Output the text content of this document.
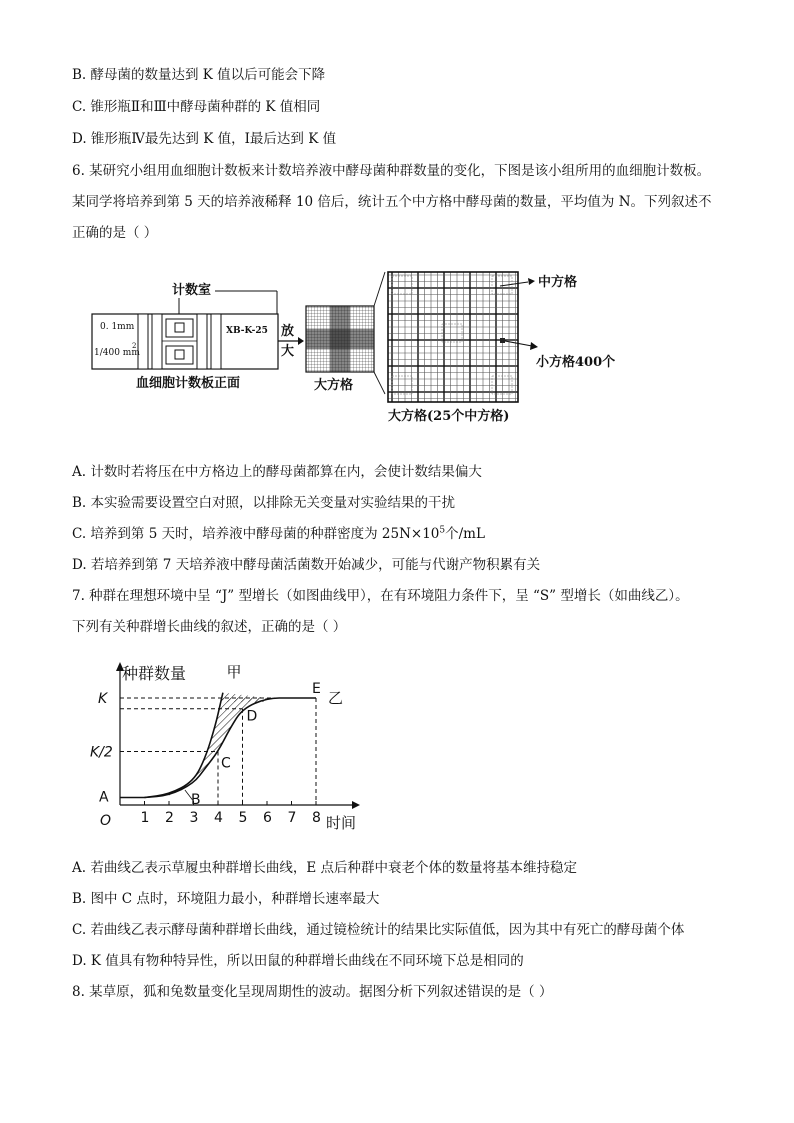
B. 酵母菌的数量达到 K 值以后可能会下降
C. 锥形瓶Ⅱ和Ⅲ中酵母菌种群的 K 值相同
D. 锥形瓶Ⅳ最先达到 K 值，Ⅰ最后达到 K 值
6. 某研究小组用血细胞计数板来计数培养液中酵母菌种群数量的变化，下图是该小组所用的血细胞计数板。
某同学将培养到第 5 天的培养液稀释 10 倍后，统计五个中方格中酵母菌的数量，平均值为 N。下列叙述不
正确的是（ ）
计数室
0. 1mm
1/400 mm
2
XB-K-25
血细胞计数板正面
放
大
大方格
中方格
小方格400个
大方格(25个中方格)
A. 计数时若将压在中方格边上的酵母菌都算在内，会使计数结果偏大
B. 本实验需要设置空白对照，以排除无关变量对实验结果的干扰
C. 培养到第 5 天时，培养液中酵母菌的种群密度为 $25N\times 10^5$个/mL
D. 若培养到第 7 天培养液中酵母菌活菌数开始减少，可能与代谢产物积累有关
7. 种群在理想环境中呈 “J” 型增长（如图曲线甲），在有环境阻力条件下，呈 “S” 型增长（如曲线乙）。
下列有关种群增长曲线的叙述，正确的是（ ）
种群数量
时间
O 1 2 3 4 5 6 7 8
K
K/2
甲
乙
A	B
C
D
E
A. 若曲线乙表示草履虫种群增长曲线，E 点后种群中衰老个体的数量将基本维持稳定
B. 图中 C 点时，环境阻力最小，种群增长速率最大
C. 若曲线乙表示酵母菌种群增长曲线，通过镜检统计的结果比实际值低，因为其中有死亡的酵母菌个体
D. K 值具有物种特异性，所以田鼠的种群增长曲线在不同环境下总是相同的
8. 某草原，狐和兔数量变化呈现周期性的波动。据图分析下列叙述错误的是（ ）
